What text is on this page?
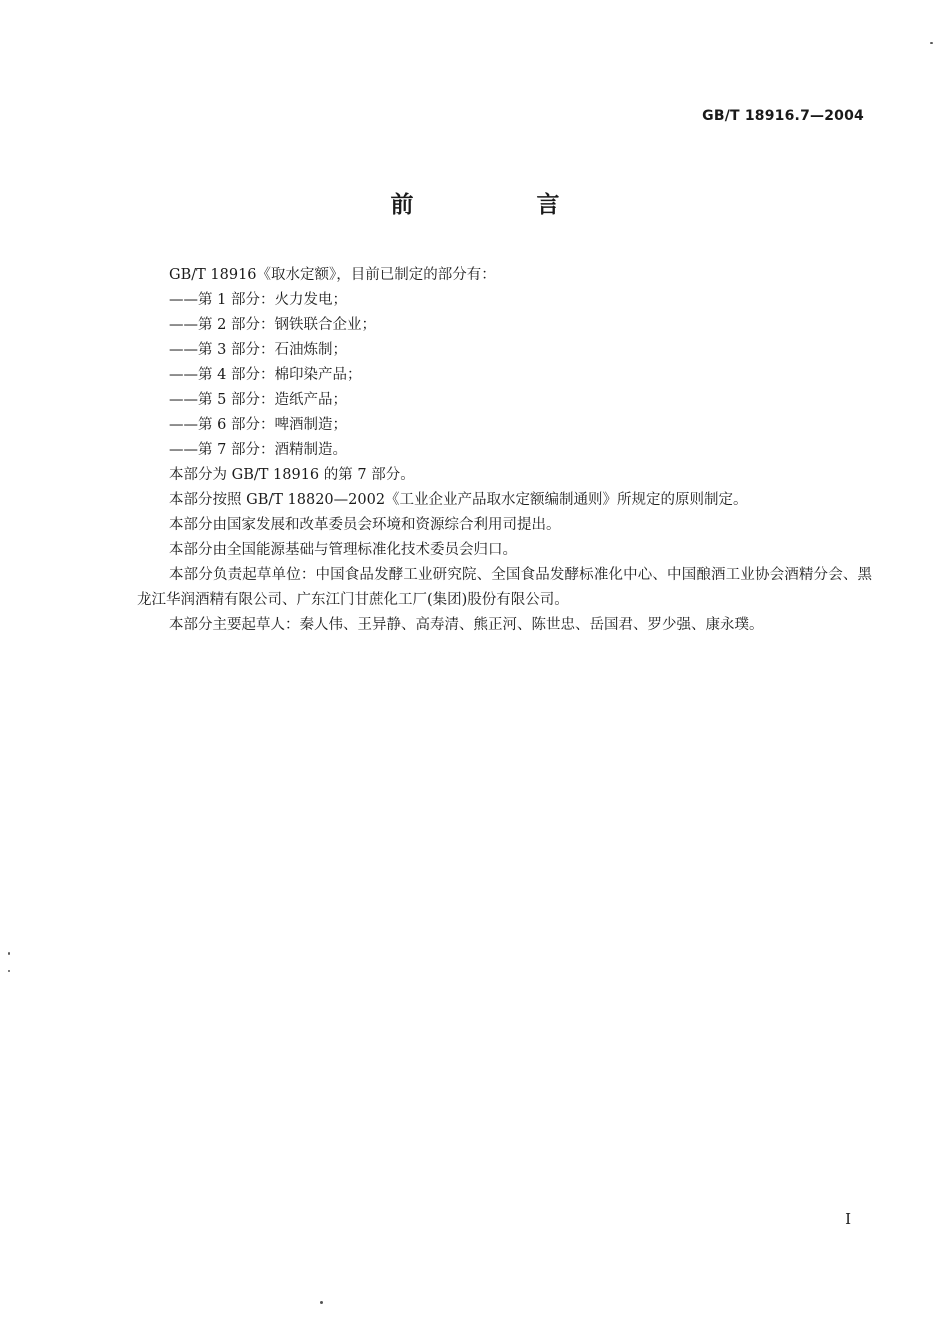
GB/T 18916.7—2004
前　言

GB/T 18916《取水定额》，目前已制定的部分有：

——第 1 部分：火力发电；

——第 2 部分：钢铁联合企业；

——第 3 部分：石油炼制；

——第 4 部分：棉印染产品；

——第 5 部分：造纸产品；

——第 6 部分：啤酒制造；

——第 7 部分：酒精制造。

本部分为 GB/T 18916 的第 7 部分。

本部分按照 GB/T 18820—2002《工业企业产品取水定额编制通则》所规定的原则制定。

本部分由国家发展和改革委员会环境和资源综合利用司提出。

本部分由全国能源基础与管理标准化技术委员会归口。

本部分负责起草单位：中国食品发酵工业研究院、全国食品发酵标准化中心、中国酿酒工业协会酒精分会、黑龙江华润酒精有限公司、广东江门甘蔗化工厂(集团)股份有限公司。

本部分主要起草人：秦人伟、王异静、高寿清、熊正河、陈世忠、岳国君、罗少强、康永璞。

I
